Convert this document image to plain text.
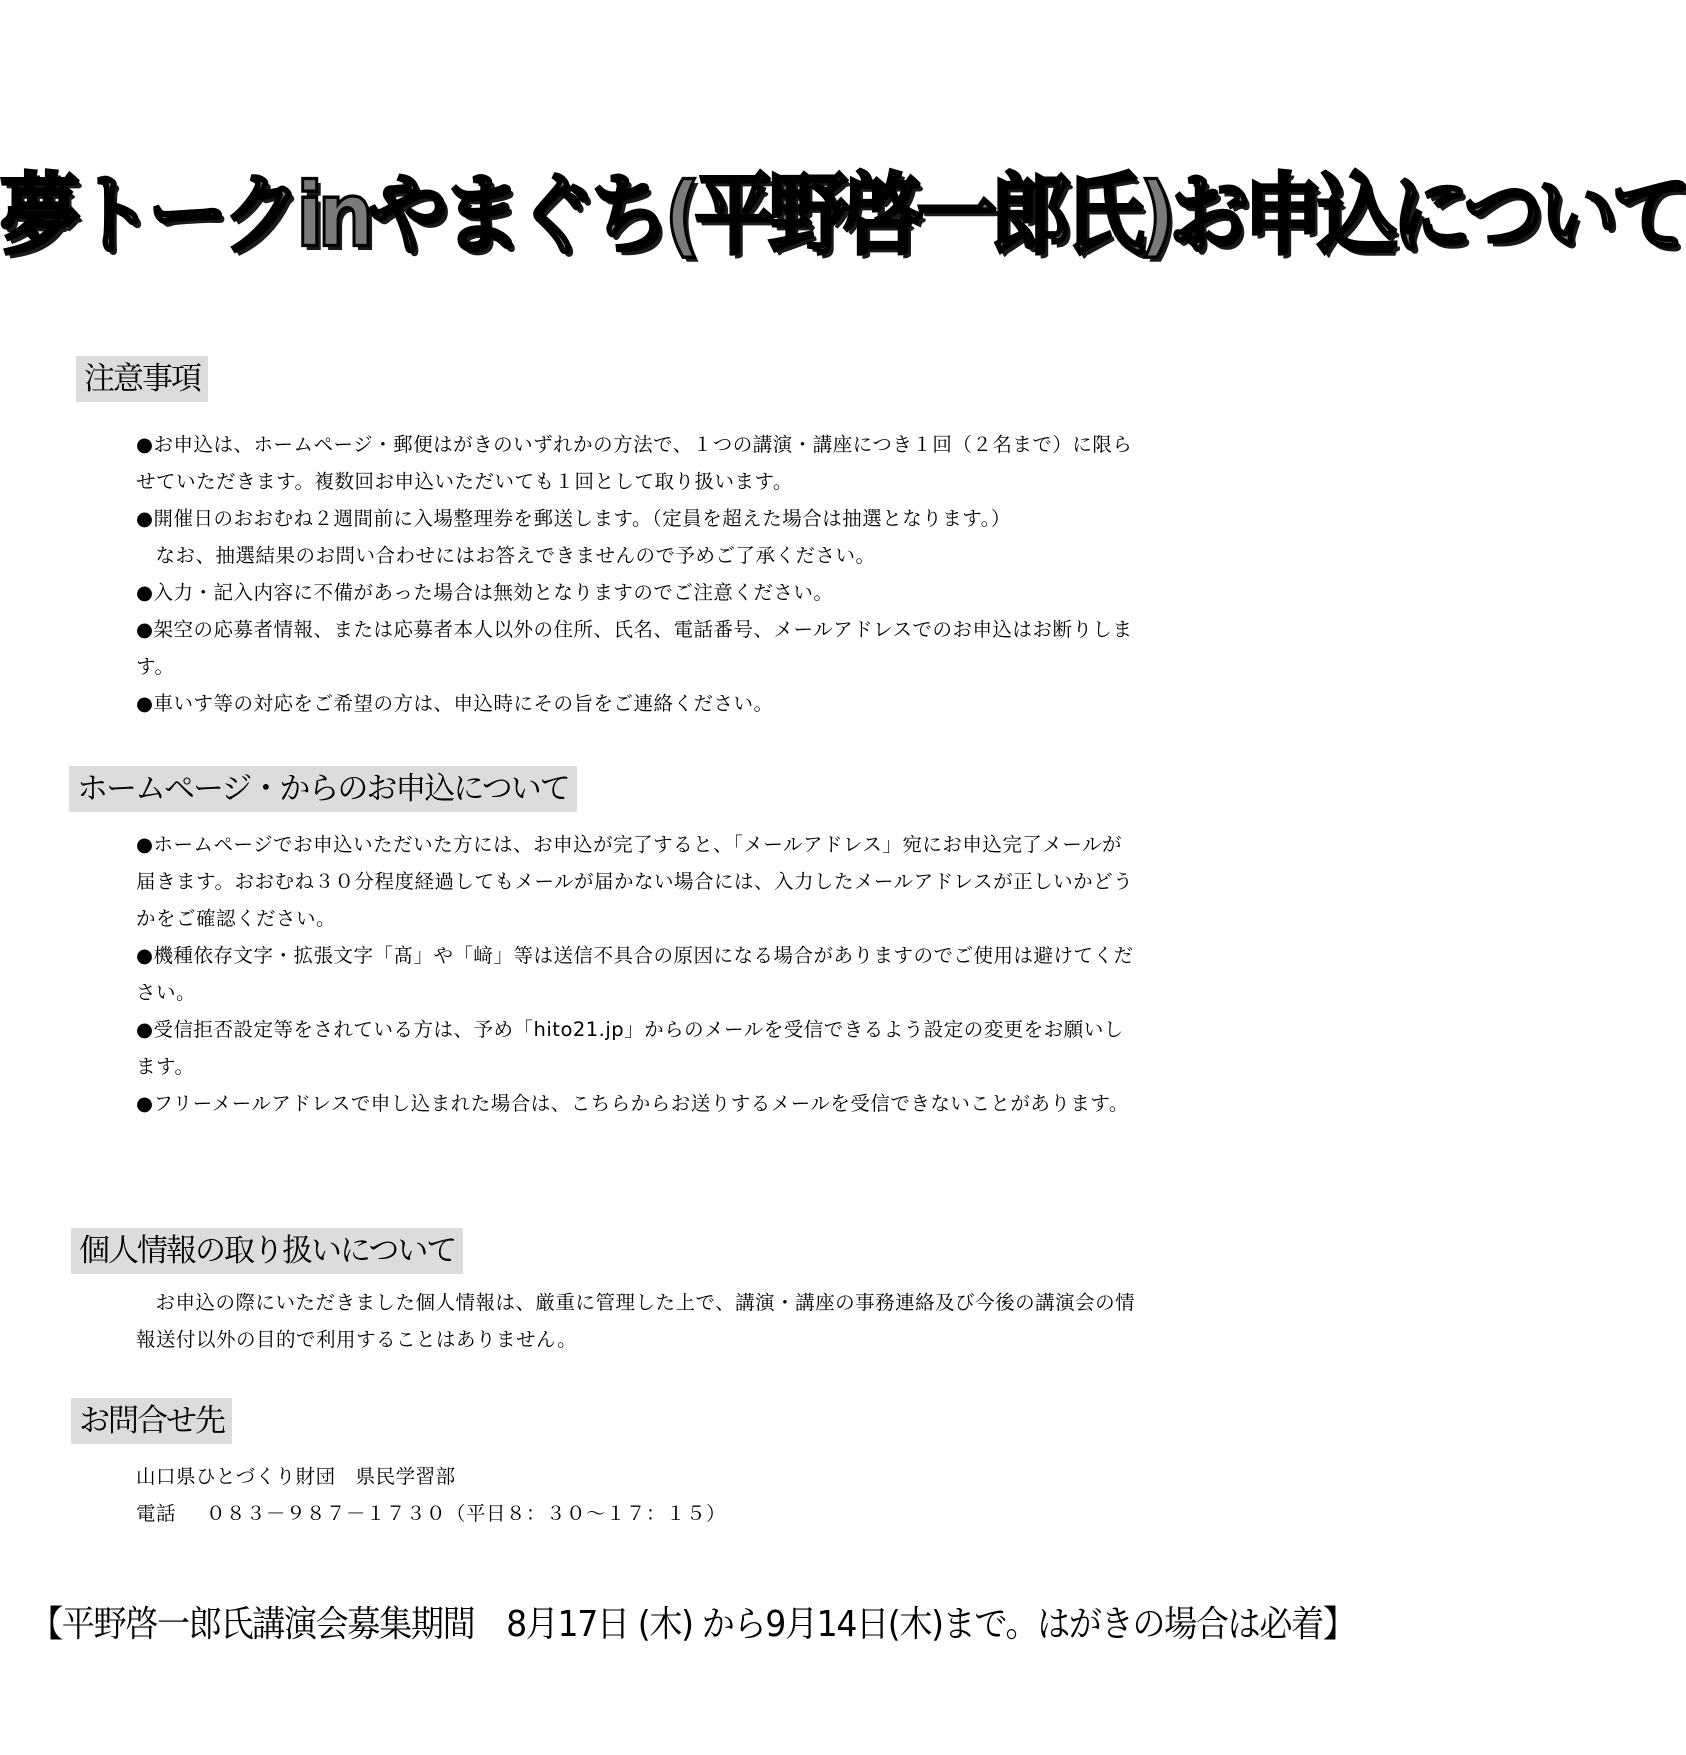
夢トークinやまぐち(平野啓一郎氏)お申込について
注意事項

●お申込は、ホームページ・郵便はがきのいずれかの方法で、１つの講演・講座につき１回（２名まで）に限らせていただきます。複数回お申込いただいても１回として取り扱います。

●開催日のおおむね２週間前に入場整理券を郵送します。（定員を超えた場合は抽選となります。）

なお、抽選結果のお問い合わせにはお答えできませんので予めご了承ください。

●入力・記入内容に不備があった場合は無効となりますのでご注意ください。

●架空の応募者情報、または応募者本人以外の住所、氏名、電話番号、メールアドレスでのお申込はお断りします。

●車いす等の対応をご希望の方は、申込時にその旨をご連絡ください。

ホームページ・からのお申込について

●ホームページでお申込いただいた方には、お申込が完了すると、「メールアドレス」宛にお申込完了メールが届きます。おおむね３０分程度経過してもメールが届かない場合には、入力したメールアドレスが正しいかどうかをご確認ください。

●機種依存文字・拡張文字「髙」や「﨑」等は送信不具合の原因になる場合がありますのでご使用は避けてください。

●受信拒否設定等をされている方は、予め「hito21.jp」からのメールを受信できるよう設定の変更をお願いします。

●フリーメールアドレスで申し込まれた場合は、こちらからお送りするメールを受信できないことがあります。

個人情報の取り扱いについて

お申込の際にいただきました個人情報は、厳重に管理した上で、講演・講座の事務連絡及び今後の講演会の情報送付以外の目的で利用することはありません。

お問合せ先

山口県ひとづくり財団　県民学習部

電話 ０８３－９８７－１７３０（平日８：３０～１７：１５）

【平野啓一郎氏講演会募集期間　8月17日 (木) から9月14日(木)まで。はがきの場合は必着】
